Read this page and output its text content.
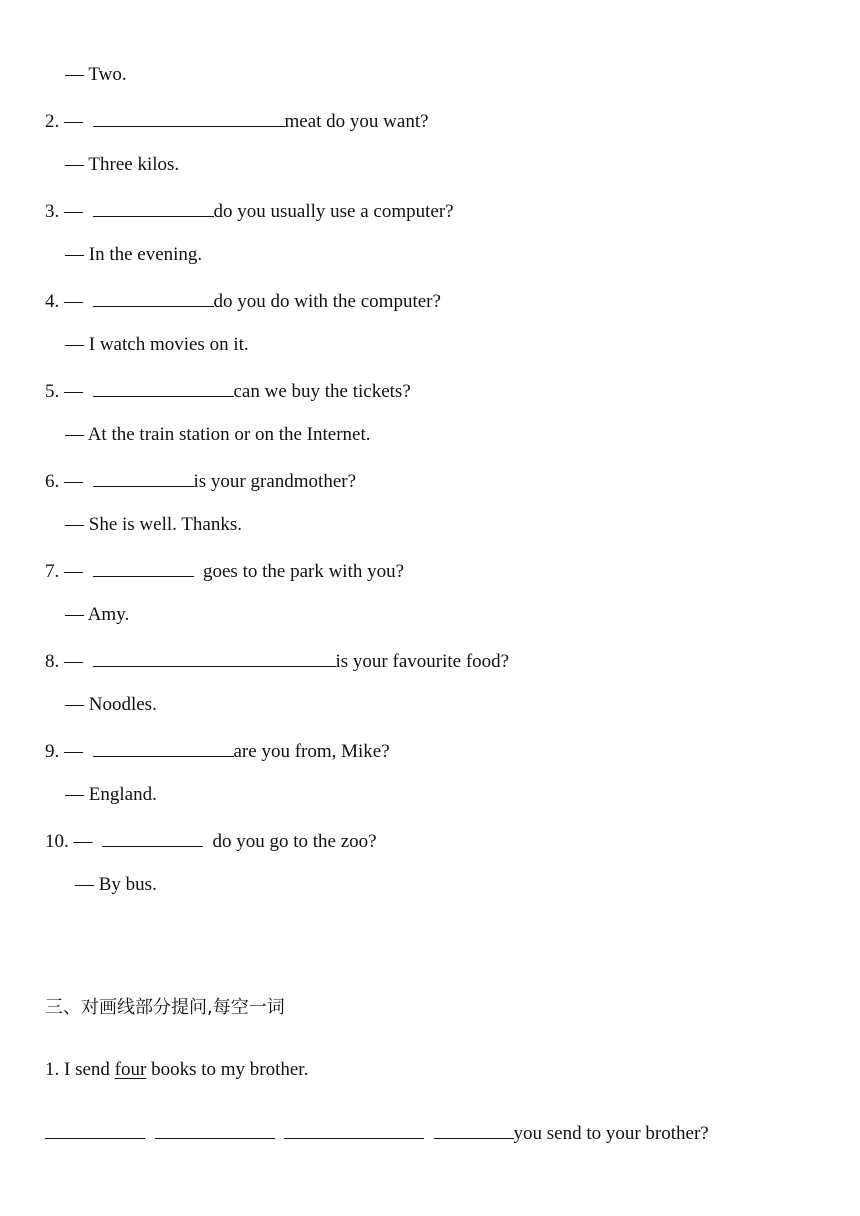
— Two.
2. —	meat do you want?
— Three kilos.
3. —	do you usually use a computer?
— In the evening.
4. —	do you do with the computer?
— I watch movies on it.
5. —	can we buy the tickets?
— At the train station or on the Internet.
6. —	is your grandmother?
— She is well. Thanks.
7. —	goes to the park with you?
— Amy.
8. —	is your favourite food?
— Noodles.
9. —	are you from, Mike?
— England.
10. —	do you go to the zoo?
— By bus.
三、对画线部分提问,每空一词
1. I send four books to my brother.
you send to your brother?
